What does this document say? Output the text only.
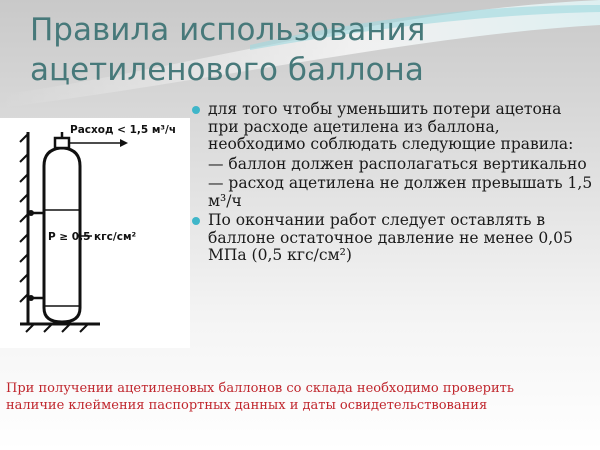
Правила использования
ацетиленового баллона
Расход < 1,5 м³/ч
P ≥ 0,5 кгс/см²
для того чтобы уменьшить потери ацетона при расходе ацетилена из баллона, необходимо соблюдать следующие правила:
— баллон должен располагаться вертикально
— расход ацетилена не должен превышать 1,5 м³/ч
По окончании работ следует оставлять в баллоне остаточное давление не менее 0,05 МПа (0,5 кгс/см²)
При получении ацетиленовых баллонов со склада необходимо проверить наличие клеймения паспортных данных и даты освидетельствования
